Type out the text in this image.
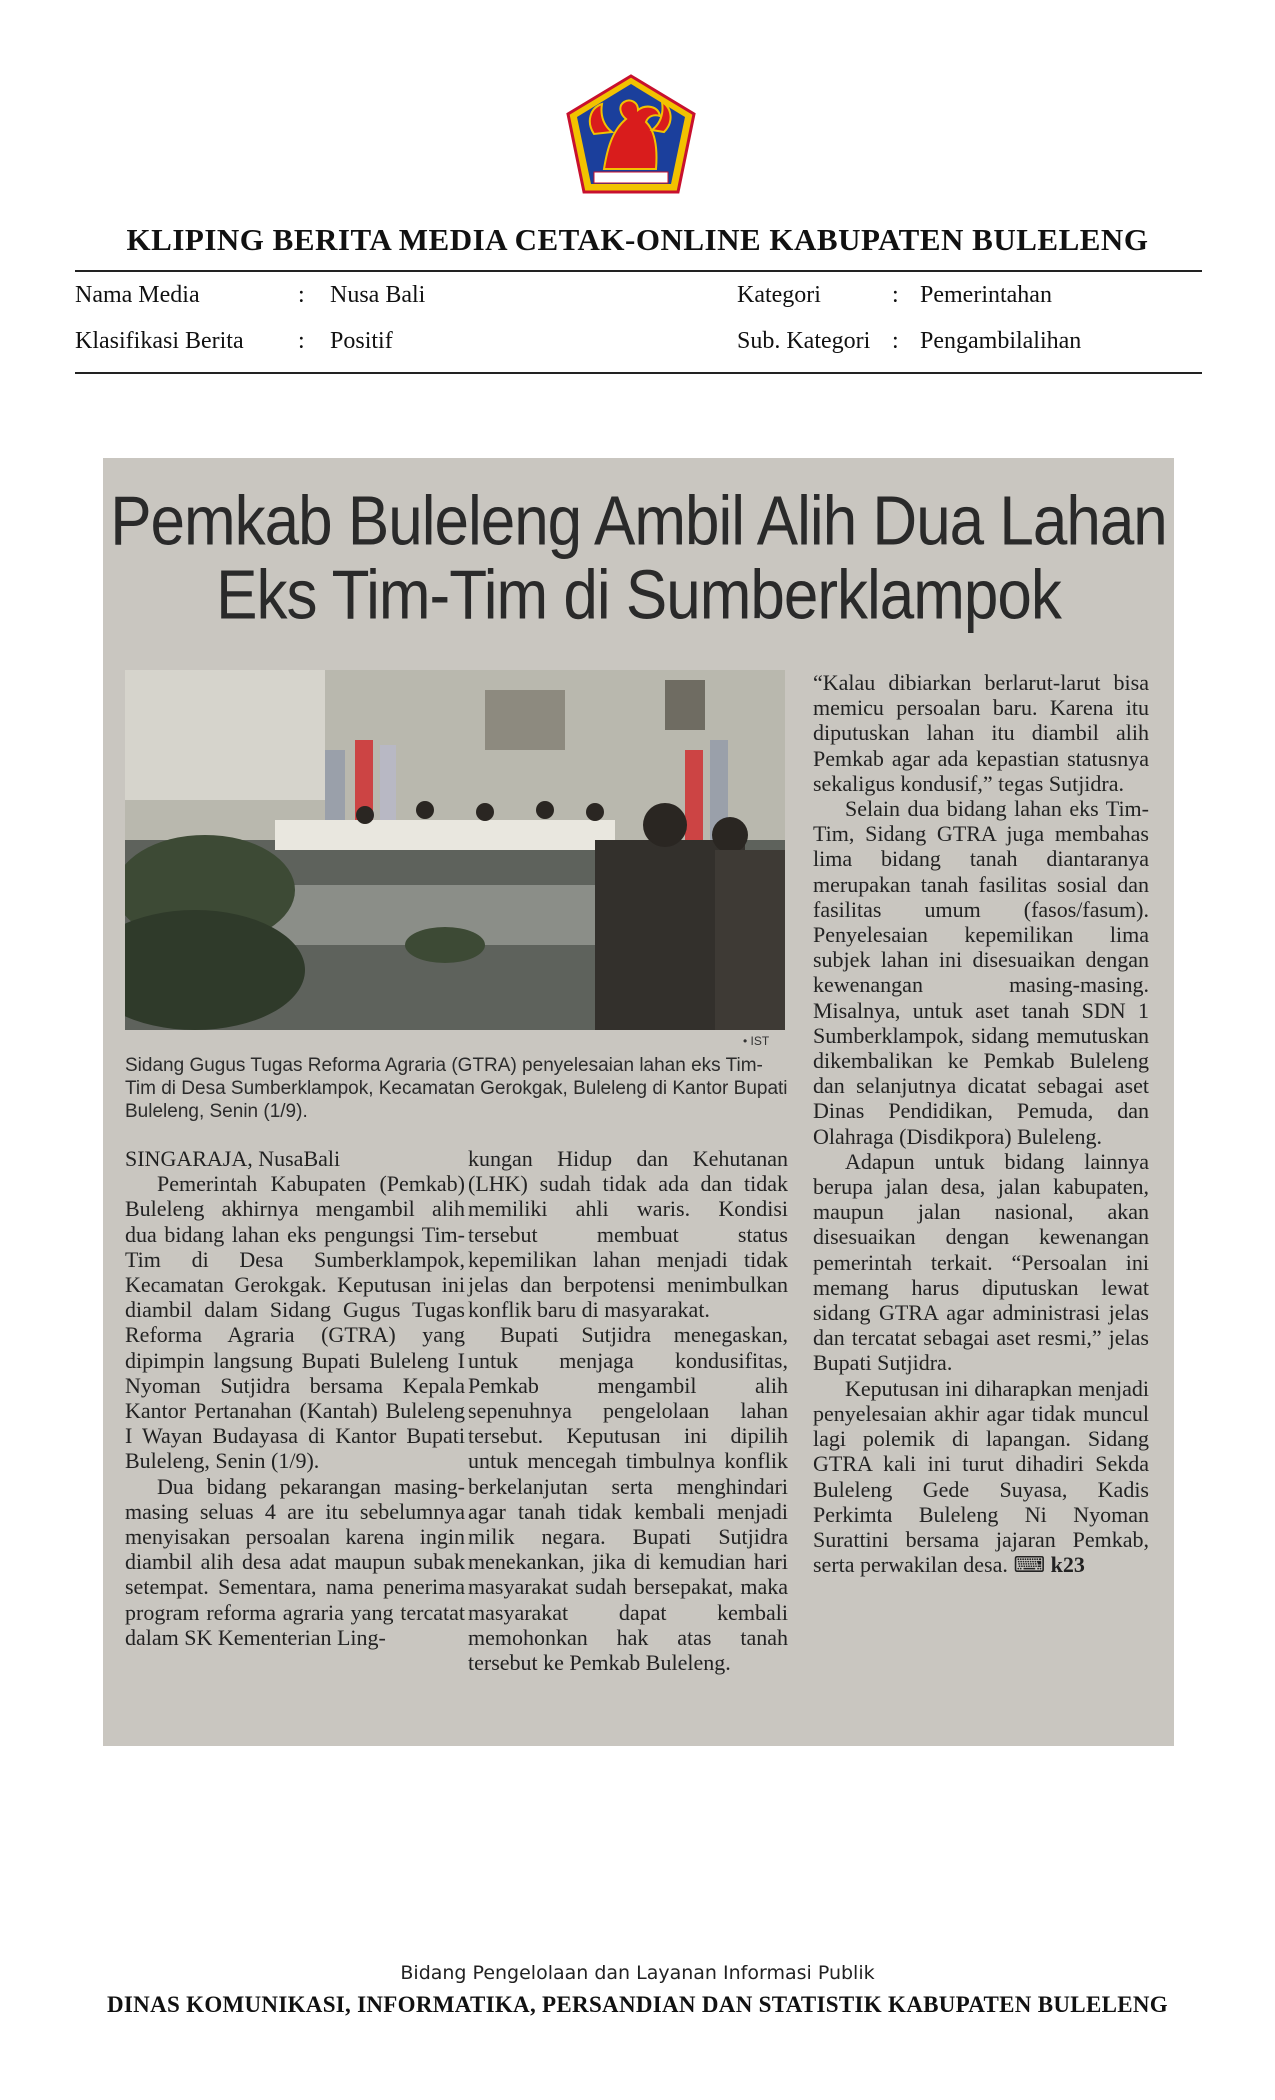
KLIPING BERITA MEDIA CETAK-ONLINE KABUPATEN BULELENG
Nama Media	: Nusa Bali	Kategori	: Pemerintahan
Klasifikasi Berita : Positif	Sub. Kategori : Pengambilalihan
Pemkab Buleleng Ambil Alih Dua Lahan
Eks Tim-Tim di Sumberklampok
• IST
Sidang Gugus Tugas Reforma Agraria (GTRA) penyelesaian lahan eks Tim-Tim di Desa Sumberklampok, Kecamatan Gerokgak, Buleleng di Kantor Bupati Buleleng, Senin (1/9).

SINGARAJA, NusaBali

Pemerintah Kabupaten (Pemkab) Buleleng akhirnya mengambil alih dua bidang lahan eks pengungsi Tim-Tim di Desa Sumberklampok, Kecamatan Gerokgak. Keputusan ini diambil dalam Sidang Gugus Tugas Reforma Agraria (GTRA) yang dipimpin langsung Bupati Buleleng I Nyoman Sutjidra bersama Kepala Kantor Pertanahan (Kantah) Buleleng I Wayan Budayasa di Kantor Bupati Buleleng, Senin (1/9).

Dua bidang pekarangan masing-masing seluas 4 are itu sebelumnya menyisakan persoalan karena ingin diambil alih desa adat maupun subak setempat. Sementara, nama penerima program reforma agraria yang tercatat dalam SK Kementerian Ling-

kungan Hidup dan Kehutanan (LHK) sudah tidak ada dan tidak memiliki ahli waris. Kondisi tersebut membuat status kepemilikan lahan menjadi tidak jelas dan berpotensi menimbulkan konflik baru di masyarakat.

Bupati Sutjidra menegaskan, untuk menjaga kondusifitas, Pemkab mengambil alih sepenuhnya pengelolaan lahan tersebut. Keputusan ini dipilih untuk mencegah timbulnya konflik berkelanjutan serta menghindari agar tanah tidak kembali menjadi milik negara. Bupati Sutjidra menekankan, jika di kemudian hari masyarakat sudah bersepakat, maka masyarakat dapat kembali memohonkan hak atas tanah tersebut ke Pemkab Buleleng.

“Kalau dibiarkan berlarut-larut bisa memicu persoalan baru. Karena itu diputuskan lahan itu diambil alih Pemkab agar ada kepastian statusnya sekaligus kondusif,” tegas Sutjidra.

Selain dua bidang lahan eks Tim-Tim, Sidang GTRA juga membahas lima bidang tanah diantaranya merupakan tanah fasilitas sosial dan fasilitas umum (fasos/fasum). Penyelesaian kepemilikan lima subjek lahan ini disesuaikan dengan kewenangan masing-masing. Misalnya, untuk aset tanah SDN 1 Sumberklampok, sidang memutuskan dikembalikan ke Pemkab Buleleng dan selanjutnya dicatat sebagai aset Dinas Pendidikan, Pemuda, dan Olahraga (Disdikpora) Buleleng.

Adapun untuk bidang lainnya berupa jalan desa, jalan kabupaten, maupun jalan nasional, akan disesuaikan dengan kewenangan pemerintah terkait. “Persoalan ini memang harus diputuskan lewat sidang GTRA agar administrasi jelas dan tercatat sebagai aset resmi,” jelas Bupati Sutjidra.

Keputusan ini diharapkan menjadi penyelesaian akhir agar tidak muncul lagi polemik di lapangan. Sidang GTRA kali ini turut dihadiri Sekda Buleleng Gede Suyasa, Kadis Perkimta Buleleng Ni Nyoman Surattini bersama jajaran Pemkab, serta perwakilan desa. ⌨ k23

Bidang Pengelolaan dan Layanan Informasi Publik
DINAS KOMUNIKASI, INFORMATIKA, PERSANDIAN DAN STATISTIK KABUPATEN BULELENG
